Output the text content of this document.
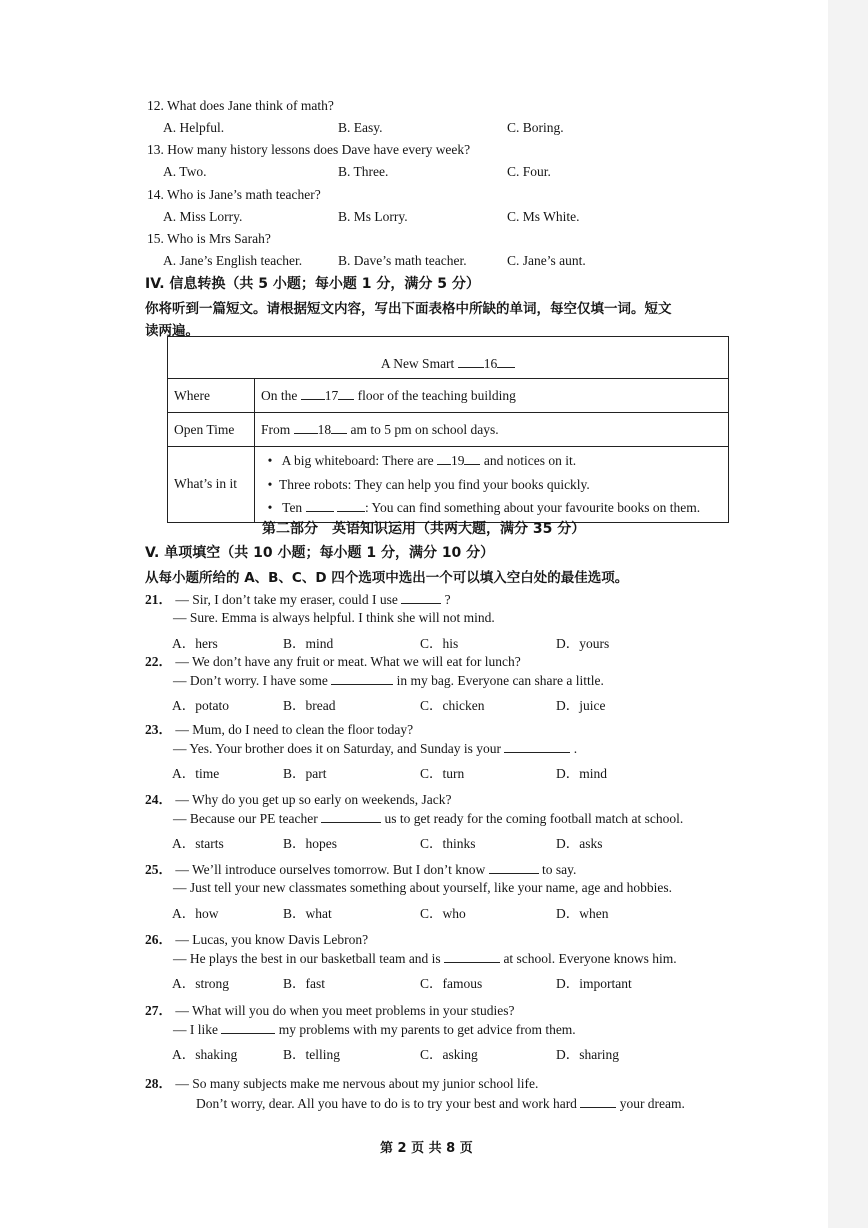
12. What does Jane think of math?
A. Helpful.	B. Easy.	C. Boring.
13. How many history lessons does Dave have every week?
A. Two.	B. Three.	C. Four.
14. Who is Jane’s math teacher?
A. Miss Lorry.	B. Ms Lorry.	C. Ms White.
15. Who is Mrs Sarah?
A. Jane’s English teacher.	B. Dave’s math teacher.	C. Jane’s aunt.
IV. 信息转换（共 5 小题；每小题 1 分，满分 5 分）
你将听到一篇短文。请根据短文内容，写出下面表格中所缺的单词，每空仅填一词。短文
读两遍。
A New Smart 16	
Where	On the 17 floor of the teaching building
Open Time	From 18 am to 5 pm on school days.
What’s in it	• A big whiteboard: There are 19 and notices on it.
• Three robots: They can help you find your books quickly.
• Ten : You can find something about your favourite books on them.
第二部分　英语知识运用（共两大题，满分 35 分）
V. 单项填空（共 10 小题；每小题 1 分，满分 10 分）
从每小题所给的 A、B、C、D 四个选项中选出一个可以填入空白处的最佳选项。
21． — Sir, I don’t take my eraser, could I use	?
— Sure. Emma is always helpful. I think she will not mind.
A．hers	B．mind	C．his	D．yours
22． — We don’t have any fruit or meat. What we will eat for lunch?
— Don’t worry. I have some	in my bag. Everyone can share a little.
A．potato	B．bread	C．chicken	D．juice
23． — Mum, do I need to clean the floor today?
— Yes. Your brother does it on Saturday, and Sunday is your	.
A．time	B．part	C．turn	D．mind
24． — Why do you get up so early on weekends, Jack?
— Because our PE teacher	us to get ready for the coming football match at school.
A．starts	B．hopes	C．thinks	D．asks
25． — We’ll introduce ourselves tomorrow. But I don’t know	to say.
— Just tell your new classmates something about yourself, like your name, age and hobbies.
A．how	B．what	C．who	D．when
26． — Lucas, you know Davis Lebron?
— He plays the best in our basketball team and is	at school. Everyone knows him.
A．strong	B．fast	C．famous	D．important
27． — What will you do when you meet problems in your studies?
— I like	my problems with my parents to get advice from them.
A．shaking	B．telling	C．asking	D．sharing
28． — So many subjects make me nervous about my junior school life.
Don’t worry, dear. All you have to do is to try your best and work hard	your dream.
第 2 页 共 8 页
